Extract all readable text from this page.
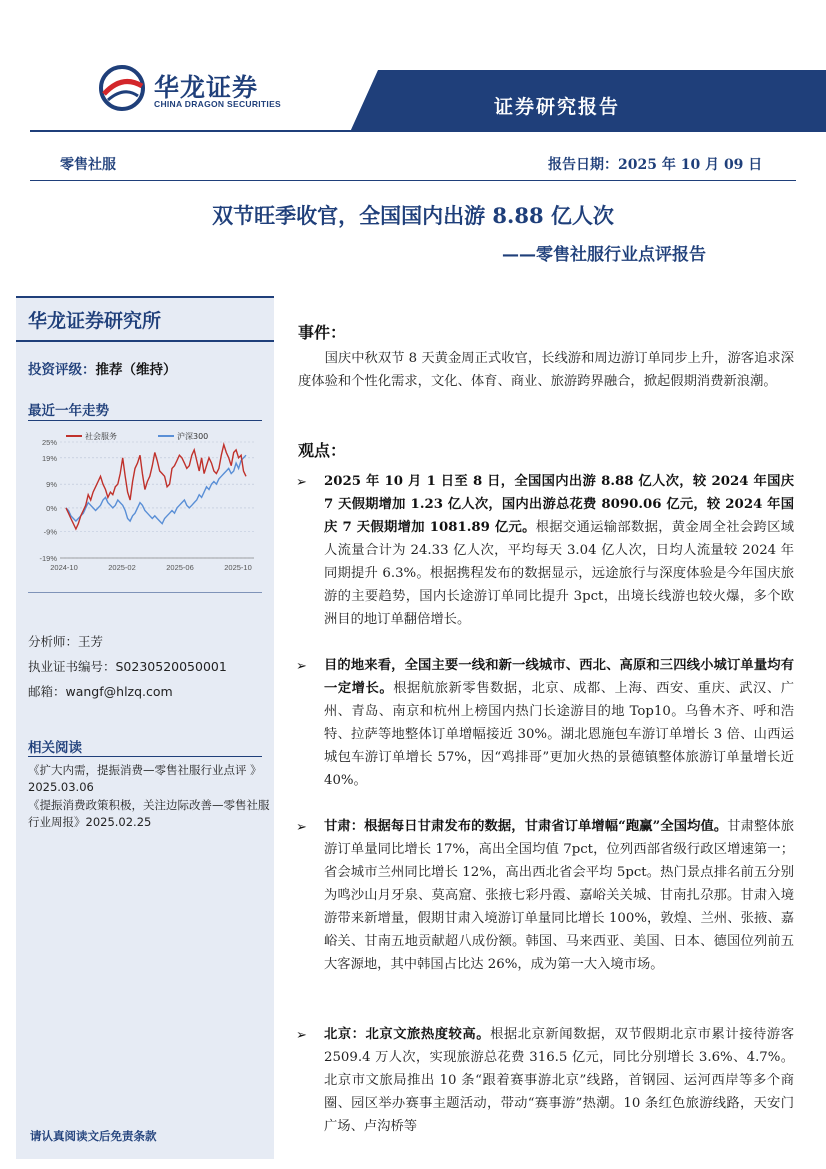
华龙证券
CHINA DRAGON SECURITIES	证券研究报告
零售社服	报告日期：2025 年 10 月 09 日
双节旺季收官，全国国内出游 8.88 亿人次
——零售社服行业点评报告
华龙证券研究所
投资评级：推荐（维持）
最近一年走势
25%
19%
9%
0%
-9%
-19%
2024-10	2025-02	2025-06	2025-10
社会服务	沪深300
分析师：王芳
执业证书编号：S0230520050001
邮箱：wangf@hlzq.com
相关阅读
《扩大内需，提振消费—零售社服行业点评 》2025.03.06
《提振消费政策积极，关注边际改善—零售社服行业周报》2025.02.25
请认真阅读文后免责条款
事件：
国庆中秋双节 8 天黄金周正式收官，长线游和周边游订单同步上升，游客追求深度体验和个性化需求，文化、体育、商业、旅游跨界融合，掀起假期消费新浪潮。
观点：
➢ 2025 年 10 月 1 日至 8 日，全国国内出游 8.88 亿人次，较 2024 年国庆 7 天假期增加 1.23 亿人次，国内出游总花费 8090.06 亿元，较 2024 年国庆 7 天假期增加 1081.89 亿元。根据交通运输部数据，黄金周全社会跨区域人流量合计为 24.33 亿人次，平均每天 3.04 亿人次，日均人流量较 2024 年同期提升 6.3%。根据携程发布的数据显示，远途旅行与深度体验是今年国庆旅游的主要趋势，国内长途游订单同比提升 3pct，出境长线游也较火爆，多个欧洲目的地订单翻倍增长。
➢ 目的地来看，全国主要一线和新一线城市、西北、高原和三四线小城订单量均有一定增长。根据航旅新零售数据，北京、成都、上海、西安、重庆、武汉、广州、青岛、南京和杭州上榜国内热门长途游目的地 Top10。乌鲁木齐、呼和浩特、拉萨等地整体订单增幅接近 30%。湖北恩施包车游订单增长 3 倍、山西运城包车游订单增长 57%，因“鸡排哥”更加火热的景德镇整体旅游订单量增长近 40%。
➢ 甘肃：根据每日甘肃发布的数据，甘肃省订单增幅“跑赢”全国均值。甘肃整体旅游订单量同比增长 17%，高出全国均值 7pct，位列西部省级行政区增速第一；省会城市兰州同比增长 12%，高出西北省会平均 5pct。热门景点排名前五分别为鸣沙山月牙泉、莫高窟、张掖七彩丹霞、嘉峪关关城、甘南扎尕那。甘肃入境游带来新增量，假期甘肃入境游订单量同比增长 100%，敦煌、兰州、张掖、嘉峪关、甘南五地贡献超八成份额。韩国、马来西亚、美国、日本、德国位列前五大客源地，其中韩国占比达 26%，成为第一大入境市场。
➢ 北京：北京文旅热度较高。根据北京新闻数据，双节假期北京市累计接待游客 2509.4 万人次，实现旅游总花费 316.5 亿元，同比分别增长 3.6%、4.7%。北京市文旅局推出 10 条“跟着赛事游北京”线路，首钢园、运河西岸等多个商圈、园区举办赛事主题活动，带动“赛事游”热潮。10 条红色旅游线路，天安门广场、卢沟桥等
